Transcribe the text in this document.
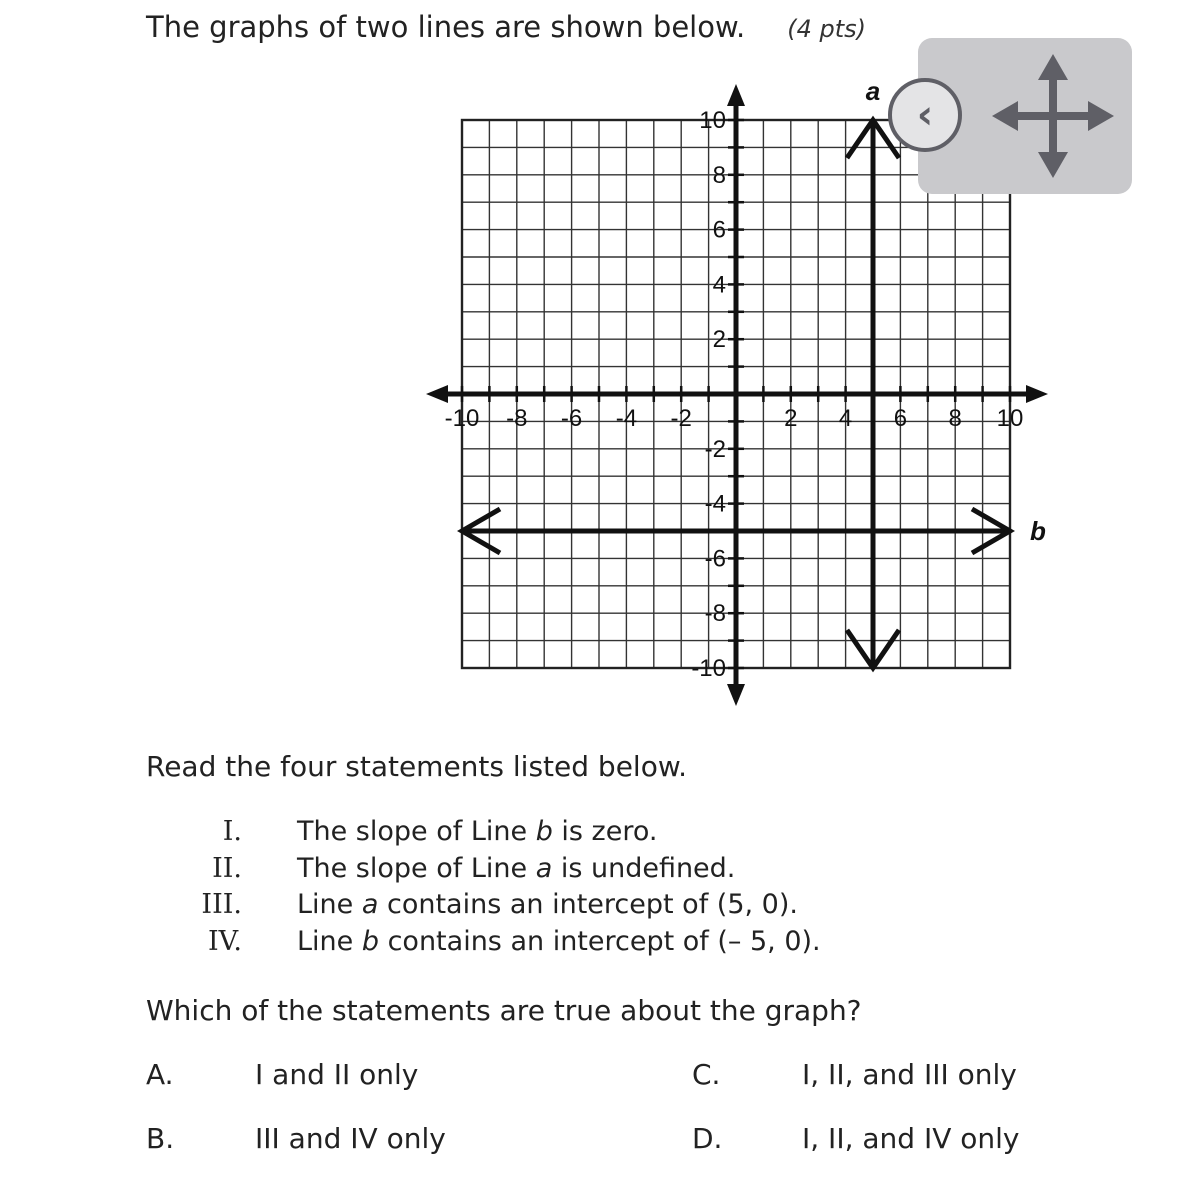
The graphs of two lines are shown below. (4 pts)
-10 -8 -6 -4 -2	2 4 6 8 10
10
8
6
4
2
-2
-4
-6
-8
-10
a
b
‹
Read the four statements listed below.
I. The slope of Line b is zero.
II. The slope of Line a is undefined.
III. Line a contains an intercept of (5, 0).
IV. Line b contains an intercept of (– 5, 0).
Which of the statements are true about the graph?
A.	I and II only
B.	III and IV only
C.	I, II, and III only
D.	I, II, and IV only
